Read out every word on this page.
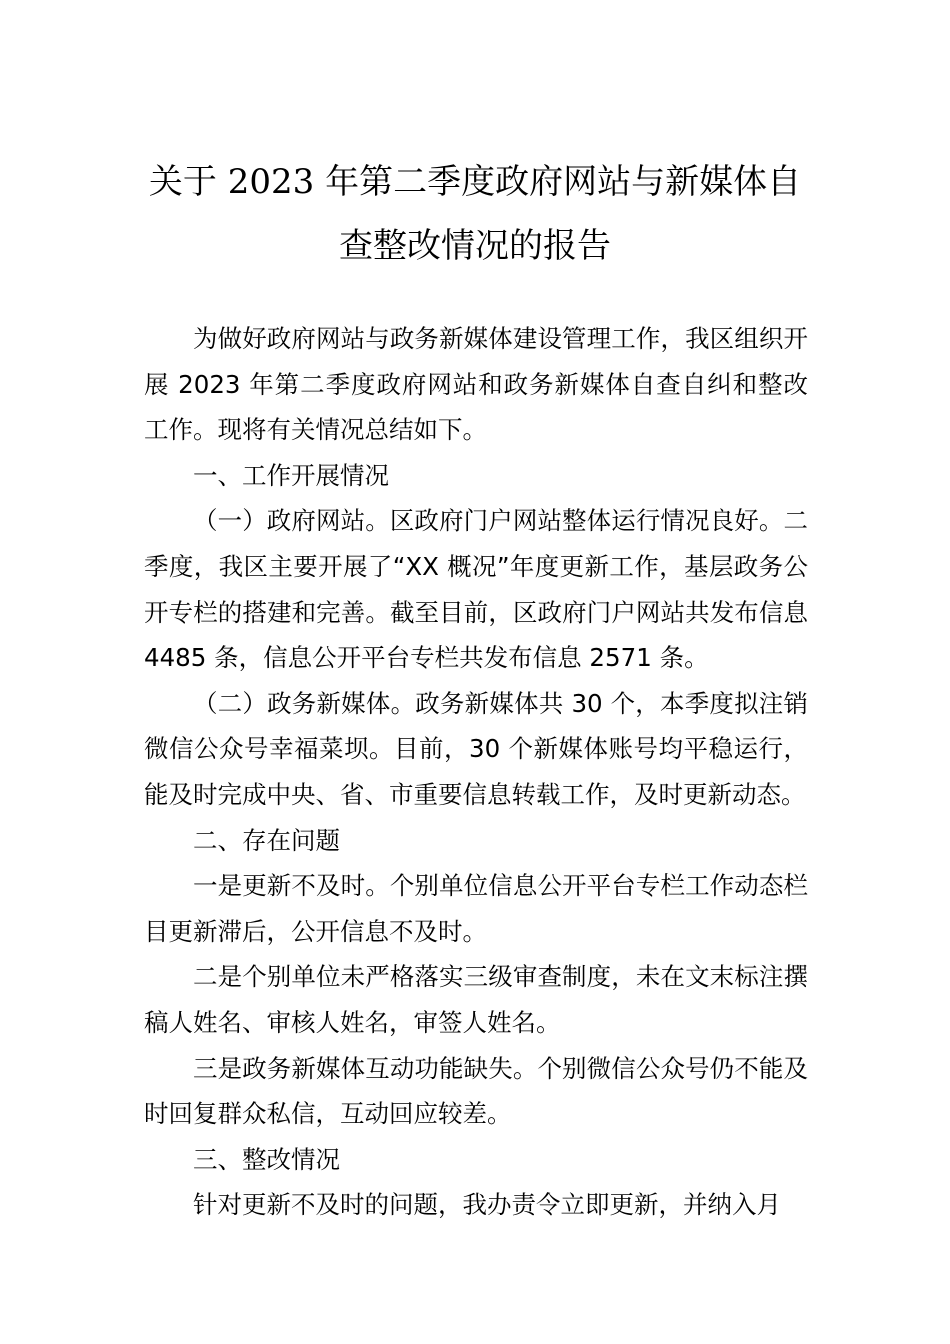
关于 2023 年第二季度政府网站与新媒体自
查整改情况的报告

为做好政府网站与政务新媒体建设管理工作，我区组织开展 2023 年第二季度政府网站和政务新媒体自查自纠和整改工作。现将有关情况总结如下。

一、工作开展情况

（一）政府网站。区政府门户网站整体运行情况良好。二季度，我区主要开展了“XX 概况”年度更新工作，基层政务公开专栏的搭建和完善。截至目前，区政府门户网站共发布信息 4485 条，信息公开平台专栏共发布信息 2571 条。

（二）政务新媒体。政务新媒体共 30 个，本季度拟注销微信公众号幸福菜坝。目前，30 个新媒体账号均平稳运行，能及时完成中央、省、市重要信息转载工作，及时更新动态。

二、存在问题

一是更新不及时。个别单位信息公开平台专栏工作动态栏目更新滞后，公开信息不及时。

二是个别单位未严格落实三级审查制度，未在文末标注撰稿人姓名、审核人姓名，审签人姓名。

三是政务新媒体互动功能缺失。个别微信公众号仍不能及时回复群众私信，互动回应较差。

三、整改情况

针对更新不及时的问题，我办责令立即更新，并纳入月
